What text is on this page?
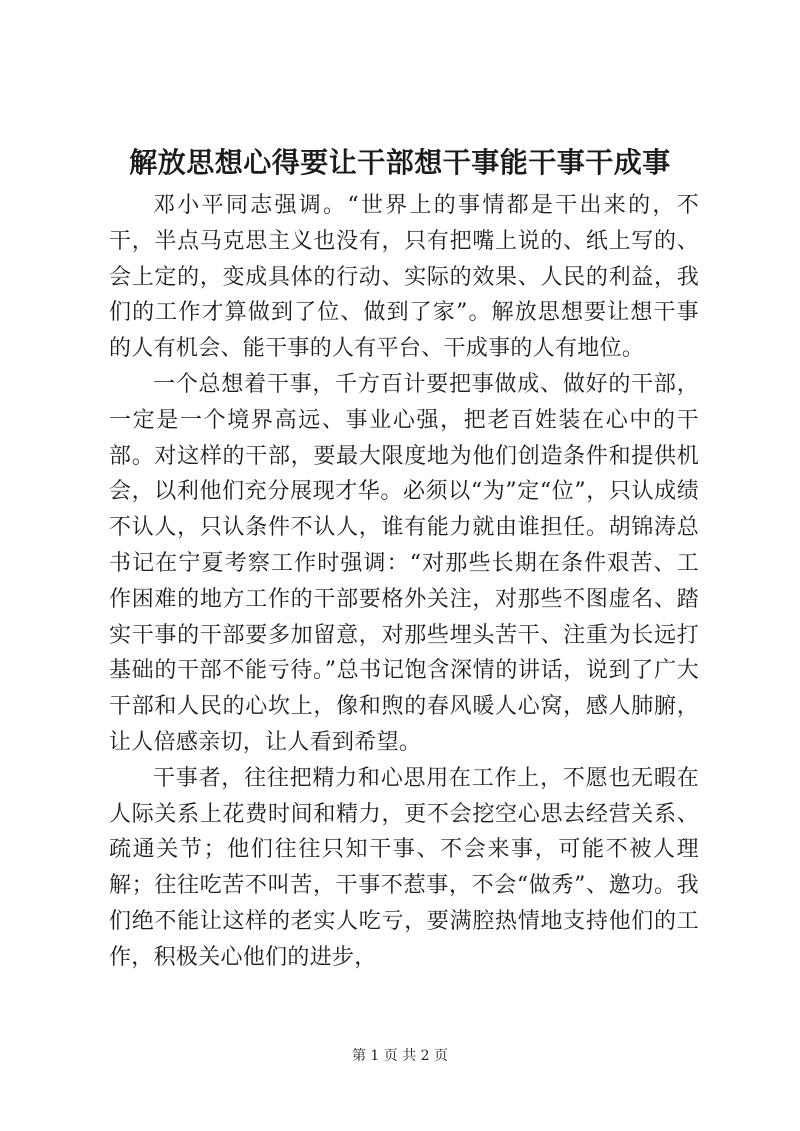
解放思想心得要让干部想干事能干事干成事

邓小平同志强调。“世界上的事情都是干出来的，不干，半点马克思主义也没有，只有把嘴上说的、纸上写的、会上定的，变成具体的行动、实际的效果、人民的利益，我们的工作才算做到了位、做到了家”。解放思想要让想干事的人有机会、能干事的人有平台、干成事的人有地位。

一个总想着干事，千方百计要把事做成、做好的干部，一定是一个境界高远、事业心强，把老百姓装在心中的干部。对这样的干部，要最大限度地为他们创造条件和提供机会，以利他们充分展现才华。必须以“为”定“位”，只认成绩不认人，只认条件不认人，谁有能力就由谁担任。胡锦涛总书记在宁夏考察工作时强调：“对那些长期在条件艰苦、工作困难的地方工作的干部要格外关注，对那些不图虚名、踏实干事的干部要多加留意，对那些埋头苦干、注重为长远打基础的干部不能亏待。”总书记饱含深情的讲话，说到了广大干部和人民的心坎上，像和煦的春风暖人心窝，感人肺腑，让人倍感亲切，让人看到希望。

干事者，往往把精力和心思用在工作上，不愿也无暇在人际关系上花费时间和精力，更不会挖空心思去经营关系、疏通关节；他们往往只知干事、不会来事，可能不被人理解；往往吃苦不叫苦，干事不惹事，不会“做秀”、邀功。我们绝不能让这样的老实人吃亏，要满腔热情地支持他们的工作，积极关心他们的进步，

第 1 页 共 2 页
